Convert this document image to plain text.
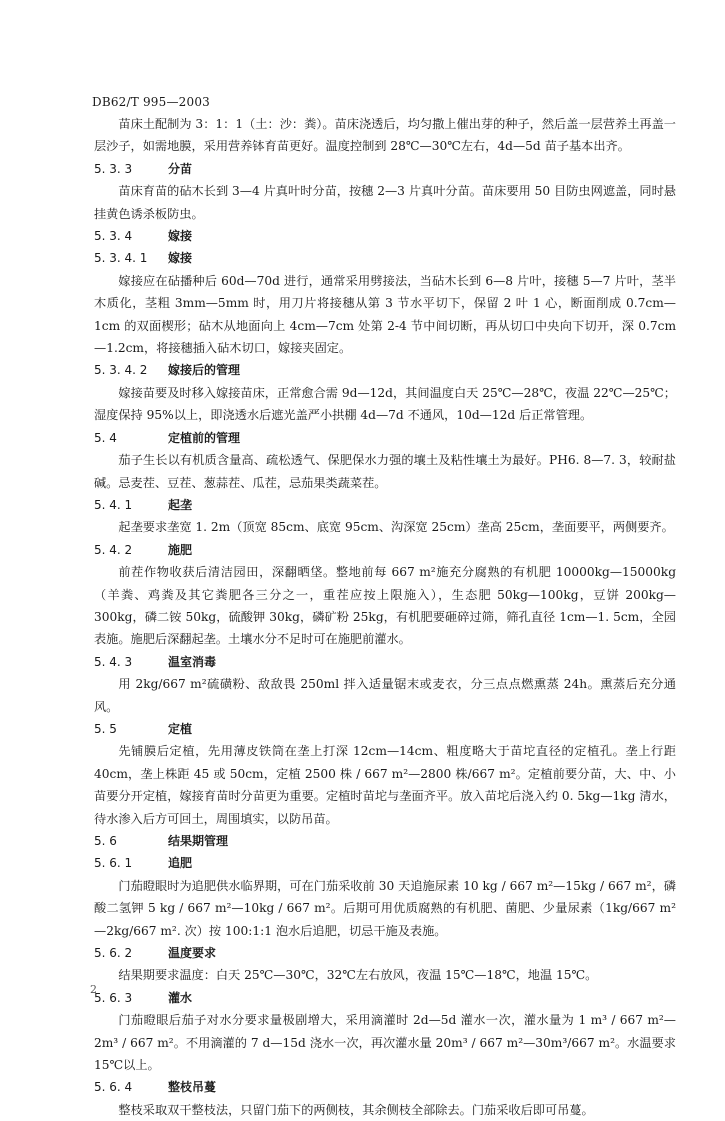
DB62/T 995—2003

苗床土配制为 3：1：1（土：沙：粪）。苗床浇透后，均匀撒上催出芽的种子，然后盖一层营养土再盖一层沙子，如需地膜，采用营养钵育苗更好。温度控制到 28℃—30℃左右，4d—5d 苗子基本出齐。

5. 3. 3	分苗

苗床育苗的砧木长到 3—4 片真叶时分苗，按穗 2—3 片真叶分苗。苗床要用 50 目防虫网遮盖，同时悬挂黄色诱杀板防虫。

5. 3. 4	嫁接
5. 3. 4. 1 嫁接

嫁接应在砧播种后 60d—70d 进行，通常采用劈接法，当砧木长到 6—8 片叶，接穗 5—7 片叶，茎半木质化，茎粗 3mm—5mm 时，用刀片将接穗从第 3 节水平切下，保留 2 叶 1 心，断面削成 0.7cm—1cm 的双面楔形；砧木从地面向上 4cm—7cm 处第 2-4 节中间切断，再从切口中央向下切开，深 0.7cm—1.2cm，将接穗插入砧木切口，嫁接夹固定。

5. 3. 4. 2 嫁接后的管理

嫁接苗要及时移入嫁接苗床，正常愈合需 9d—12d，其间温度白天 25℃—28℃，夜温 22℃—25℃；湿度保持 95%以上，即浇透水后遮光盖严小拱棚 4d—7d 不通风，10d—12d 后正常管理。

5. 4	定植前的管理

茄子生长以有机质含量高、疏松透气、保肥保水力强的壤土及粘性壤土为最好。PH6. 8—7. 3，较耐盐碱。忌麦茬、豆茬、葱蒜茬、瓜茬，忌茄果类蔬菜茬。

5. 4. 1	起垄

起垄要求垄宽 1. 2m（顶宽 85cm、底宽 95cm、沟深宽 25cm）垄高 25cm，垄面要平，两侧要齐。

5. 4. 2	施肥

前茬作物收获后清洁园田，深翻晒垡。整地前每 667 m²施充分腐熟的有机肥 10000kg—15000kg（羊粪、鸡粪及其它粪肥各三分之一，重茬应按上限施入），生态肥 50kg—100kg，豆饼 200kg—300kg，磷二铵 50kg，硫酸钾 30kg，磷矿粉 25kg，有机肥要砸碎过筛，筛孔直径 1cm—1. 5cm，全园表施。施肥后深翻起垄。土壤水分不足时可在施肥前灌水。

5. 4. 3	温室消毒

用 2kg/667 m²硫磺粉、敌敌畏 250ml 拌入适量锯末或麦衣，分三点点燃熏蒸 24h。熏蒸后充分通风。

5. 5	定植

先铺膜后定植，先用薄皮铁筒在垄上打深 12cm—14cm、粗度略大于苗坨直径的定植孔。垄上行距 40cm，垄上株距 45 或 50cm，定植 2500 株 / 667 m²—2800 株/667 m²。定植前要分苗，大、中、小苗要分开定植，嫁接育苗时分苗更为重要。定植时苗坨与垄面齐平。放入苗坨后浇入约 0. 5kg—1kg 清水，待水渗入后方可回土，周围填实，以防吊苗。

5. 6	结果期管理
5. 6. 1	追肥

门茄瞪眼时为追肥供水临界期，可在门茄采收前 30 天追施尿素 10 kg / 667 m²—15kg / 667 m²，磷酸二氢钾 5 kg / 667 m²—10kg / 667 m²。后期可用优质腐熟的有机肥、菌肥、少量尿素（1kg/667 m²—2kg/667 m². 次）按 100:1:1 泡水后追肥，切忌干施及表施。

5. 6. 2	温度要求

结果期要求温度：白天 25℃—30℃，32℃左右放风，夜温 15℃—18℃，地温 15℃。

5. 6. 3	灌水

门茄瞪眼后茄子对水分要求量极剧增大，采用滴灌时 2d—5d 灌水一次，灌水量为 1 m³ / 667 m²—2m³ / 667 m²。不用滴灌的 7 d—15d 浇水一次，再次灌水量 20m³ / 667 m²—30m³/667 m²。水温要求 15℃以上。

5. 6. 4	整枝吊蔓

整枝采取双干整枝法，只留门茄下的两侧枝，其余侧枝全部除去。门茄采收后即可吊蔓。

2
